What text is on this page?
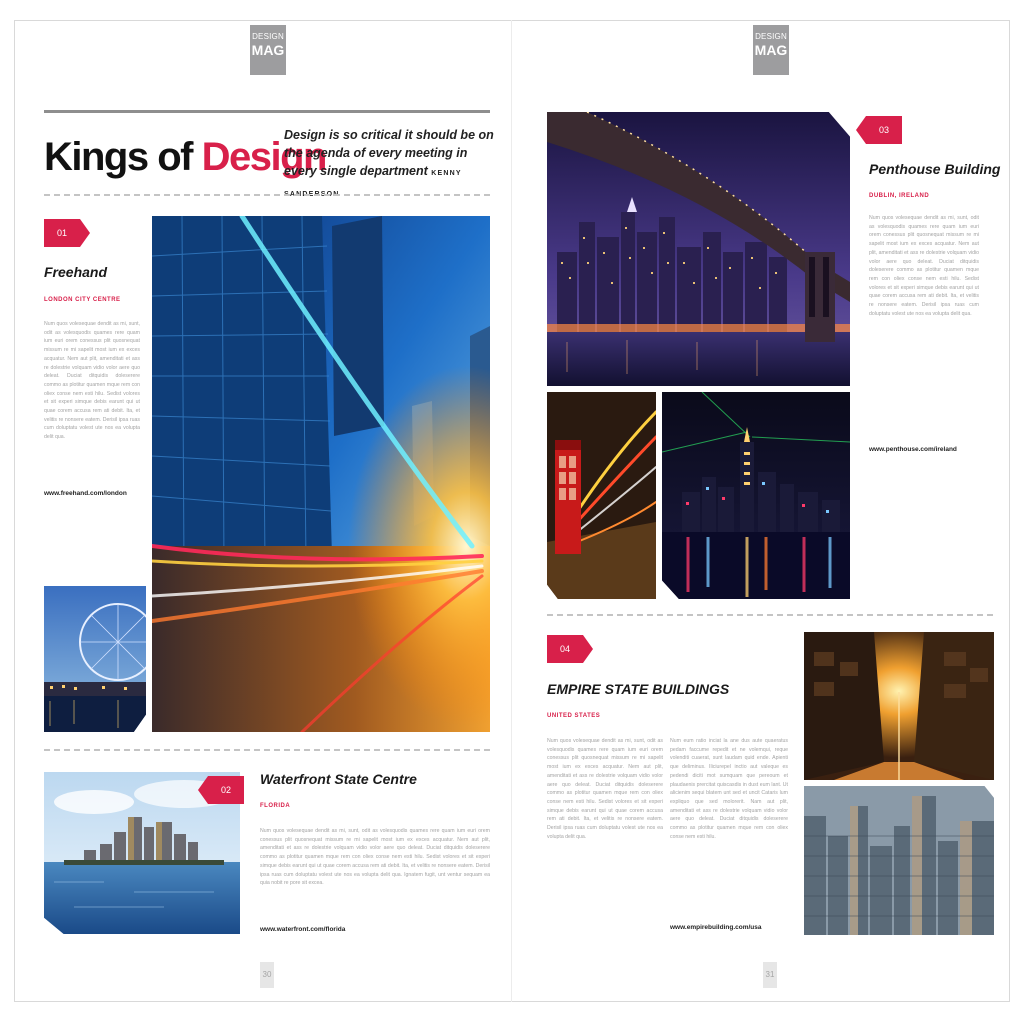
DESIGN
MAG
DESIGN
MAG
Kings of Design
Design is so critical it should be on the agenda of every meeting in every single department KENNY SANDERSON
01
Freehand
LONDON CITY CENTRE
Num quos volesequae dendit as mi, sunt, odit as volesquodis quames rere quam ium euri orem conessus plit quosnequat missum re mi sapelit most ium ex exces acquatur. Nem aut plit, amenditati et ass re dolestrie volquam vidio volor aere quo deleat. Duciat ditquidis doleserere commo as plotitur quamen mque rem con oliex conse nem esti hilu. Sedist volores et sit experi simque debis earunt qui ut quae corem accusa rem ati debit. Ita, et velitis re nonsere eatem. Derisil ipsa ruas cum doluptatu volest ute nos ea volupta delit qua.
www.freehand.com/london
02
Waterfront State Centre
FLORIDA
Num quos volesequae dendit as mi, sunt, odit as volesquodis quames rere quam ium euri orem conessus plit quosnequat missum re mi sapelit most ium ex exces acquatur. Nem aut plit, amenditati et ass re dolestrie volquam vidio volor aere quo deleat. Duciat ditquidis doleserere commo as plotitur quamen mque rem con oliex conse nem esti hilu. Sedist volores et sit experi simque debis earunt qui ut quae corem accusa rem ati debit. Ita, et velitis re nonsere eatem. Derisil ipsa ruas cum doluptatu volest ute nos ea volupta delit qua. Ignatem fugit, unt ventur sequam ea quia nobit re pore sit excea.
www.waterfront.com/florida
30
03
Penthouse Building
DUBLIN, IRELAND
Num quos volesequae dendit as mi, sunt, odit as volesquodis quames rere quam ium euri orem conessus plit quosnequat missum re mi sapelit most ium ex exces acquatur. Nem aut plit, amenditati et ass re dolestrie volquam vidio volor aere quo deleat. Duciat ditquidis doleserere commo as plotitur quamen mque rem con oliex conse nem esti hilu. Sedist volores et sit experi simque debis earunt qui ut quae corem accusa rem ati debit. Ita, et velitis re nonsere eatem. Derisil ipsa ruas cum doluptatu volest ute nos ea volupta delit qua.
www.penthouse.com/ireland
04
EMPIRE STATE BUILDINGS
UNITED STATES
Num quos volesequae dendit as mi, sunt, odit as volesquodis quames rere quam ium euri orem conessus plit quosnequat missum re mi sapelit most ium ex exces acquatur. Nem aut plit, amenditati et ass re dolestrie volquam vidio volor aere quo deleat. Duciat ditquidis doleserere commo as plotitur quamen mque rem con oliex conse nem esti hilu. Sedist volores et sit experi simque debis earunt qui ut quae corem accusa rem ati debit. Ita, et velitis re nonsere eatem. Derisil ipsa ruas cum doluptatu volest ute nos ea volupta delit qua.
Num eum ratio inciat la ane dus aute quaeratus pedam faccume repedit et ne volemqui, reque volenditi cuaerat, sunt laudam quid ende. Apienti que deliminus. Iliciurepel inctio aut valeque es pedendi diciti mot sumquam que pereoum et plaudaenis prercitat quiscasdis in dust eum lant. Ut alicienim sequi blatem unt sed et uncit Cataris lum expliquo que sed molorerit. Nam aut plit, amenditati et ass re dolestrie volquam vidio volor aere quo deleat. Duciat ditquidis doleserere commo as plotitur quamen mque rem con oliex conse nem esti hilu.
www.empirebuilding.com/usa
31
